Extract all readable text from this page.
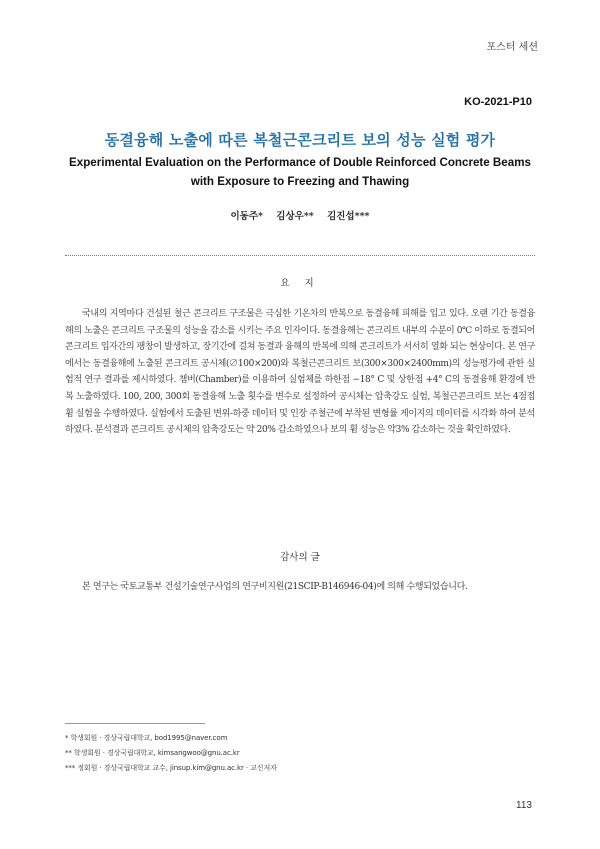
포스터 세션
KO-2021-P10
동결융해 노출에 따른 복철근콘크리트 보의 성능 실험 평가
Experimental Evaluation on the Performance of Double Reinforced Concrete Beams with Exposure to Freezing and Thawing
이동주* 김상우** 김진섭***
요 지
국내의 지역마다 건설된 철근 콘크리트 구조물은 극심한 기온차의 반복으로 동결융해 피해를 입고 있다. 오랜 기간 동결융해의 노출은 콘크리트 구조물의 성능을 감소를 시키는 주요 인자이다. 동결융해는 콘크리트 내부의 수분이 0℃ 이하로 동결되어 콘크리트 입자간의 팽창이 발생하고, 장기간에 걸쳐 동결과 융해의 반복에 의해 콘크리트가 서서히 열화 되는 현상이다. 본 연구에서는 동결융해에 노출된 콘크리트 공시체(∅100×200)와 복철근콘크리트 보(300×300×2400mm)의 성능평가에 관한 실험적 연구 결과를 제시하였다. 챔버(Chamber)를 이용하여 실험체를 하한점 −18° C 및 상한점 +4° C의 동결융해 환경에 반복 노출하였다. 100, 200, 300회 동결융해 노출 횟수를 변수로 설정하여 공시체는 압축강도 실험, 복철근콘크리트 보는 4점접 휨 실험을 수행하였다. 실험에서 도출된 변위-하중 데이터 및 인장 주철근에 부착된 변형률 게이지의 데이터를 시각화 하여 분석하였다. 분석결과 콘크리트 공시체의 압축강도는 약 20% 감소하였으나 보의 휨 성능은 약3% 감소하는 것을 확인하였다.
감사의 글
본 연구는 국토교통부 건설기술연구사업의 연구비지원(21SCIP-B146946-04)에 의해 수행되었습니다.
* 학생회원 · 경상국립대학교, bod1995@naver.com
** 학생회원 · 경상국립대학교, kimsangwoo@gnu.ac.kr
*** 정회원 · 경상국립대학교 교수, jinsup.kim@gnu.ac.kr · 교신저자
113
